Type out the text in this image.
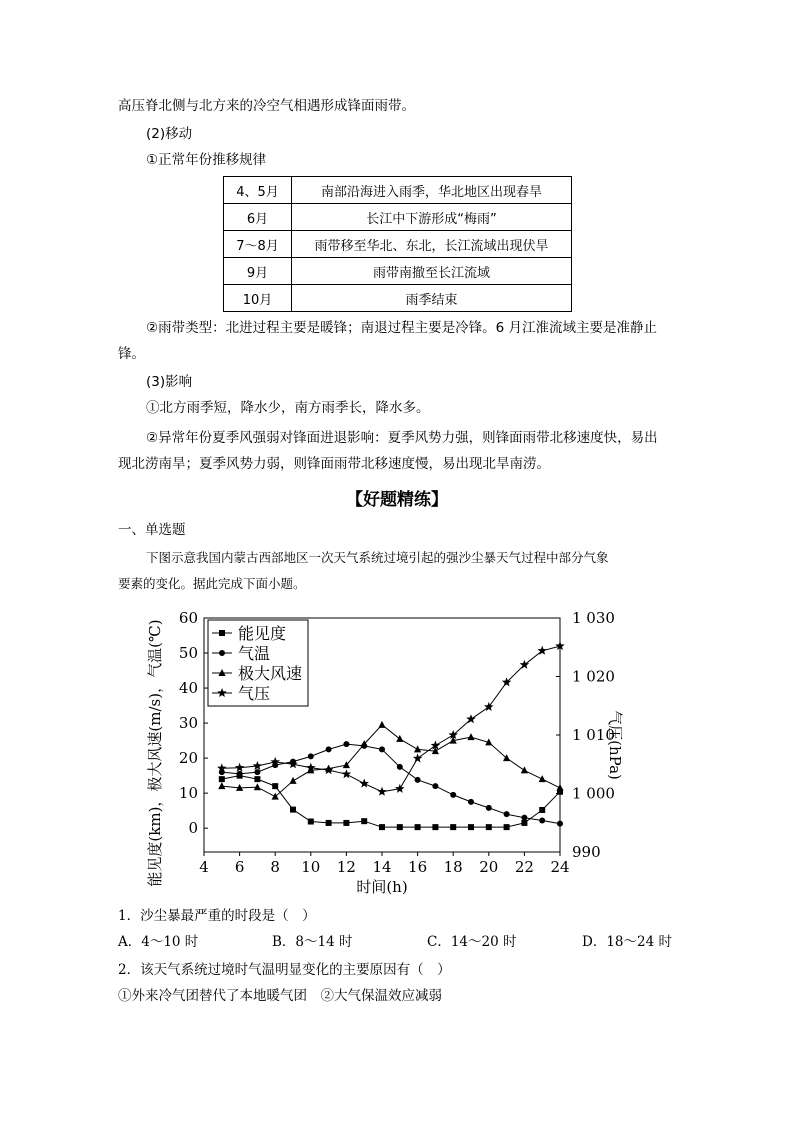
高压脊北侧与北方来的冷空气相遇形成锋面雨带。
(2)移动
①正常年份推移规律
4、5月	南部沿海进入雨季，华北地区出现春旱
6月	长江中下游形成“梅雨”
7～8月	雨带移至华北、东北，长江流域出现伏旱
9月	雨带南撤至长江流域
10月	雨季结束
②雨带类型：北进过程主要是暖锋；南退过程主要是冷锋。6 月江淮流域主要是准静止
锋。
(3)影响
①北方雨季短，降水少，南方雨季长，降水多。
②异常年份夏季风强弱对锋面进退影响：夏季风势力强，则锋面雨带北移速度快，易出
现北涝南旱；夏季风势力弱，则锋面雨带北移速度慢，易出现北旱南涝。
【好题精练】
一、单选题
下图示意我国内蒙古西部地区一次天气系统过境引起的强沙尘暴天气过程中部分气象
要素的变化。据此完成下面小题。
4 6 8 10 12 14 16 18 20 22 24
0
10
20
30
40
50
60
990
1 000
1 010
1 020
1 030
时间(h)
能见度(km)，极大风速(m/s)，气温(℃)	气压(hPa)
能见度
气温
极大风速
气压
1．沙尘暴最严重的时段是（　）
A．4～10 时	B．8～14 时	C．14～20 时	D．18～24 时
2．该天气系统过境时气温明显变化的主要原因有（　）
①外来冷气团替代了本地暖气团　②大气保温效应减弱
